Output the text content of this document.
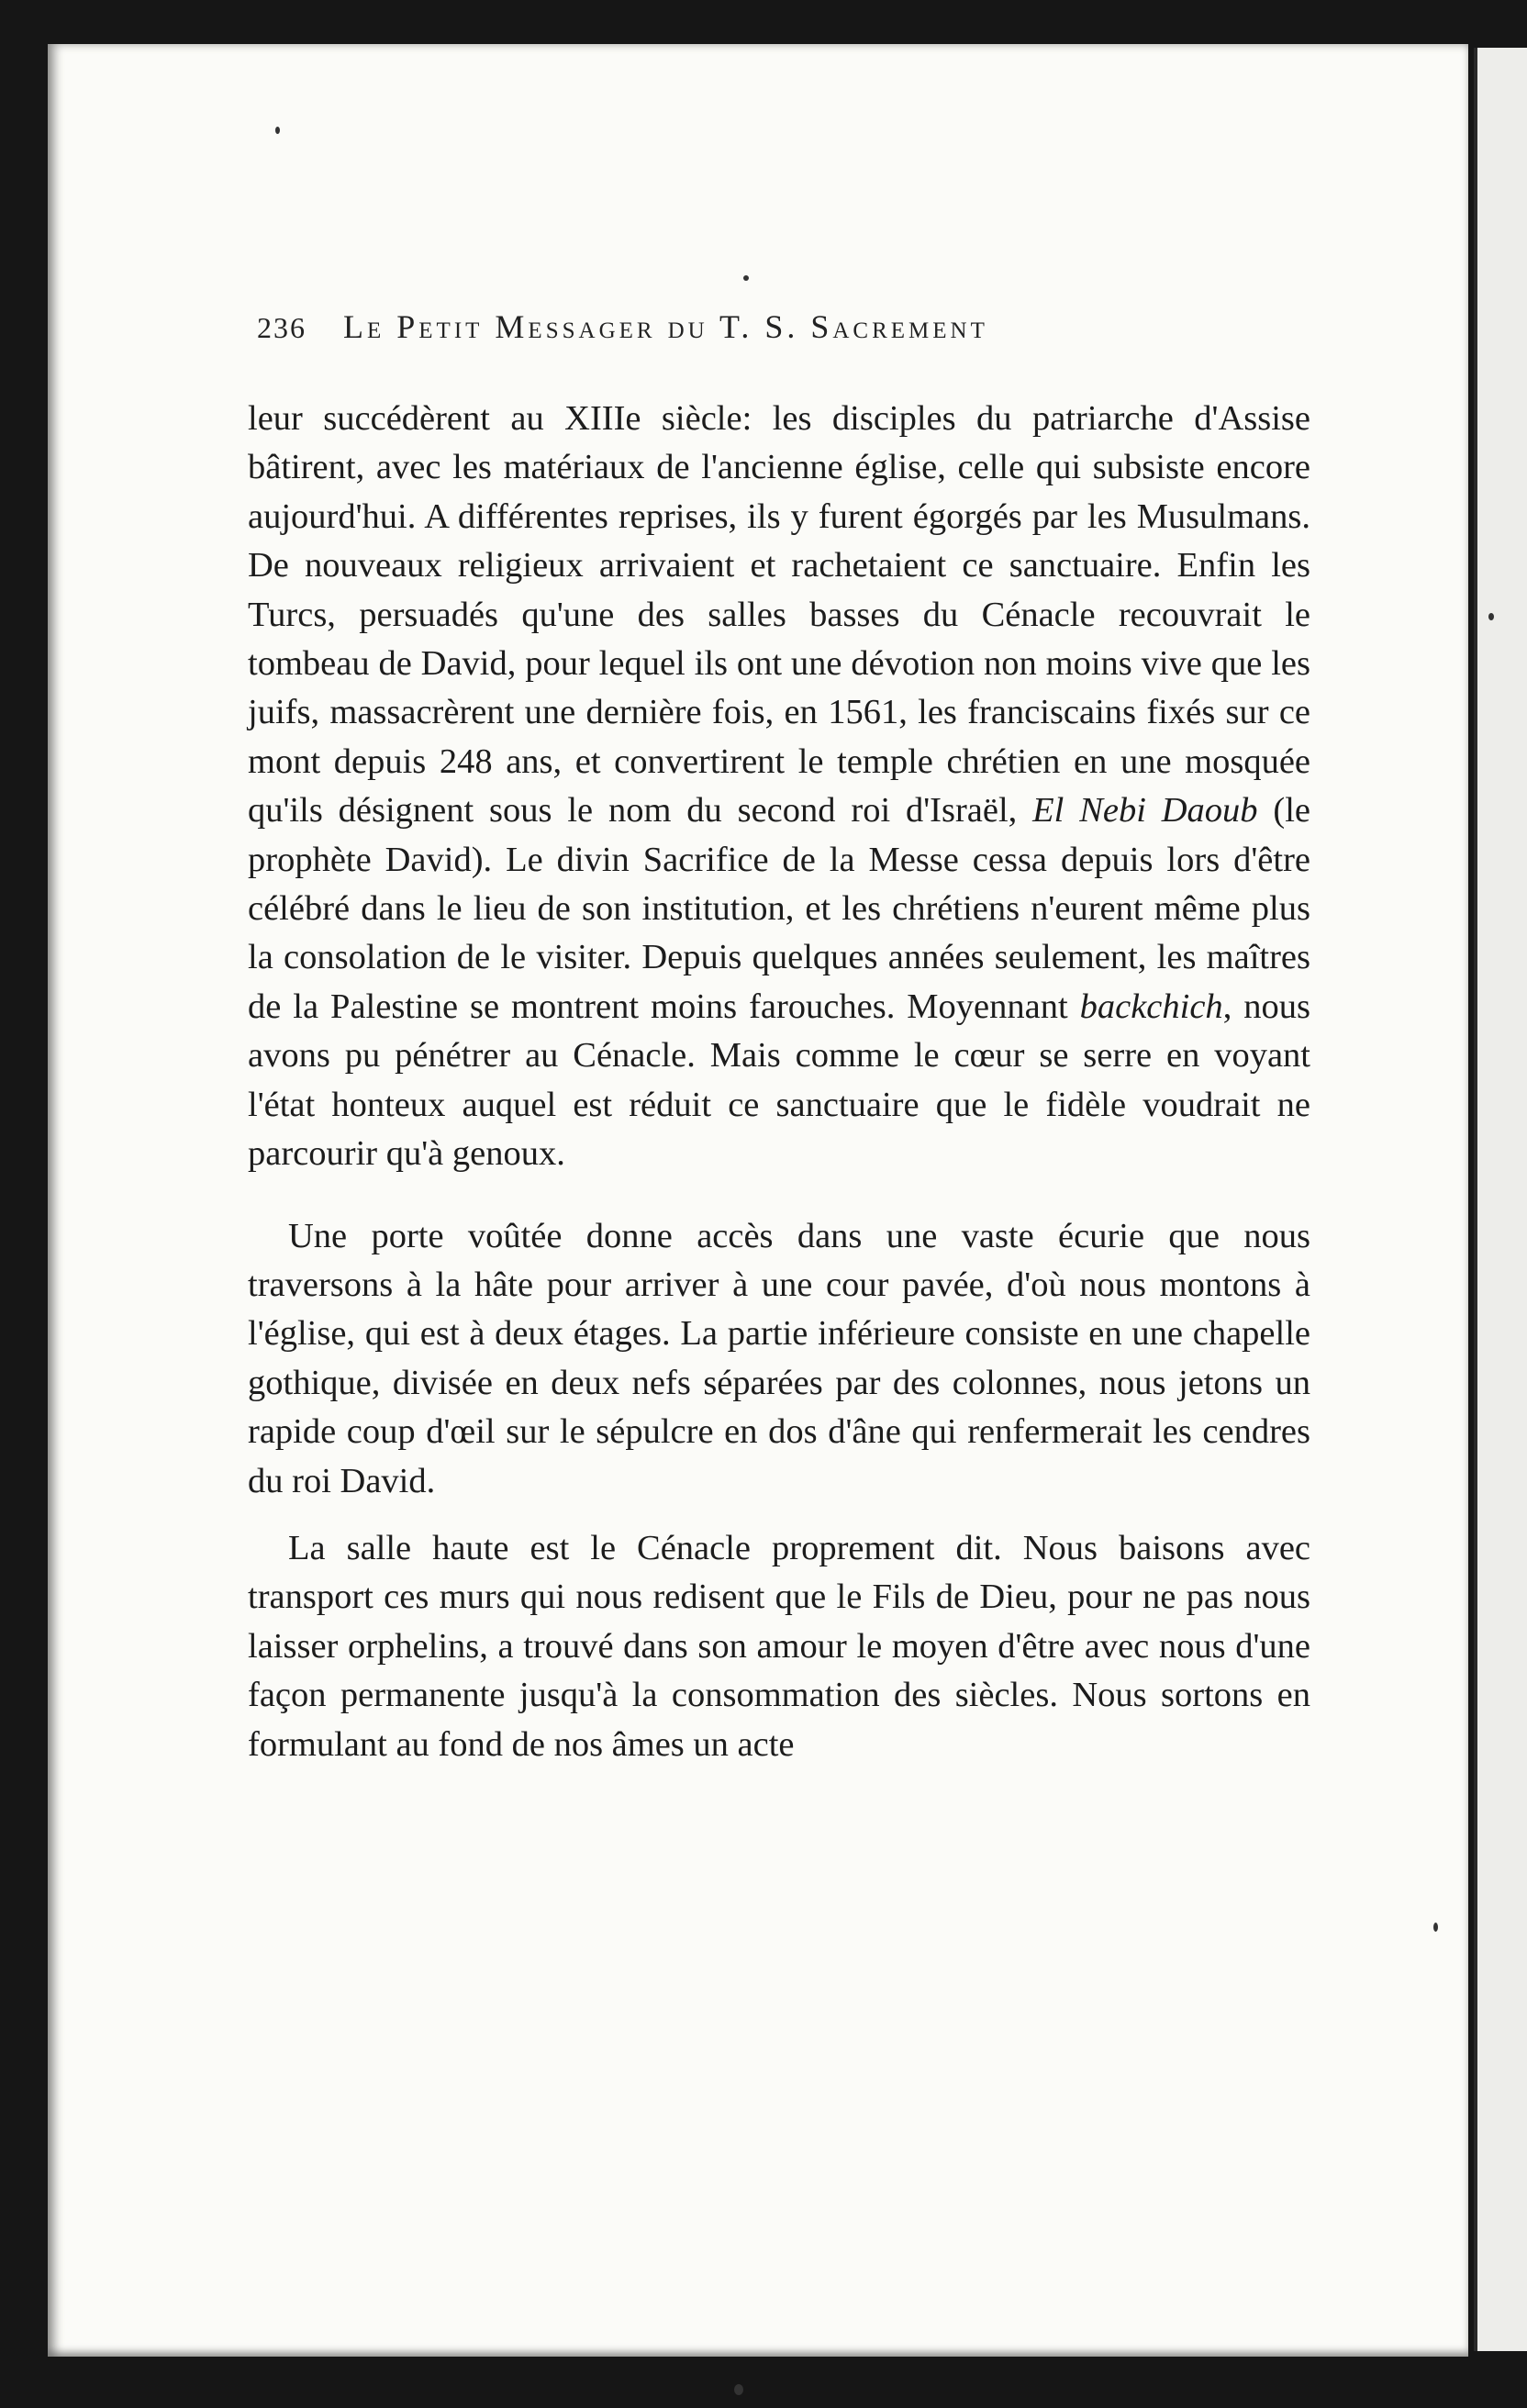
236 Le Petit Messager du T. S. Sacrement

leur succédèrent au XIIIe siècle: les disciples du patriarche d'Assise bâtirent, avec les matériaux de l'ancienne église, celle qui subsiste encore aujourd'hui. A différentes reprises, ils y furent égorgés par les Musulmans. De nouveaux religieux arrivaient et rachetaient ce sanctuaire. Enfin les Turcs, persuadés qu'une des salles basses du Cénacle recouvrait le tombeau de David, pour lequel ils ont une dévotion non moins vive que les juifs, massacrèrent une dernière fois, en 1561, les franciscains fixés sur ce mont depuis 248 ans, et convertirent le temple chrétien en une mosquée qu'ils désignent sous le nom du second roi d'Israël, El Nebi Daoub (le prophète David). Le divin Sacrifice de la Messe cessa depuis lors d'être célébré dans le lieu de son institution, et les chrétiens n'eurent même plus la consolation de le visiter. Depuis quelques années seulement, les maîtres de la Palestine se montrent moins farouches. Moyennant backchich, nous avons pu pénétrer au Cénacle. Mais comme le cœur se serre en voyant l'état honteux auquel est réduit ce sanctuaire que le fidèle voudrait ne parcourir qu'à genoux.

Une porte voûtée donne accès dans une vaste écurie que nous traversons à la hâte pour arriver à une cour pavée, d'où nous montons à l'église, qui est à deux étages. La partie inférieure consiste en une chapelle gothique, divisée en deux nefs séparées par des colonnes, nous jetons un rapide coup d'œil sur le sépulcre en dos d'âne qui renfermerait les cendres du roi David.

La salle haute est le Cénacle proprement dit. Nous baisons avec transport ces murs qui nous redisent que le Fils de Dieu, pour ne pas nous laisser orphelins, a trouvé dans son amour le moyen d'être avec nous d'une façon permanente jusqu'à la consommation des siècles. Nous sortons en formulant au fond de nos âmes un acte
